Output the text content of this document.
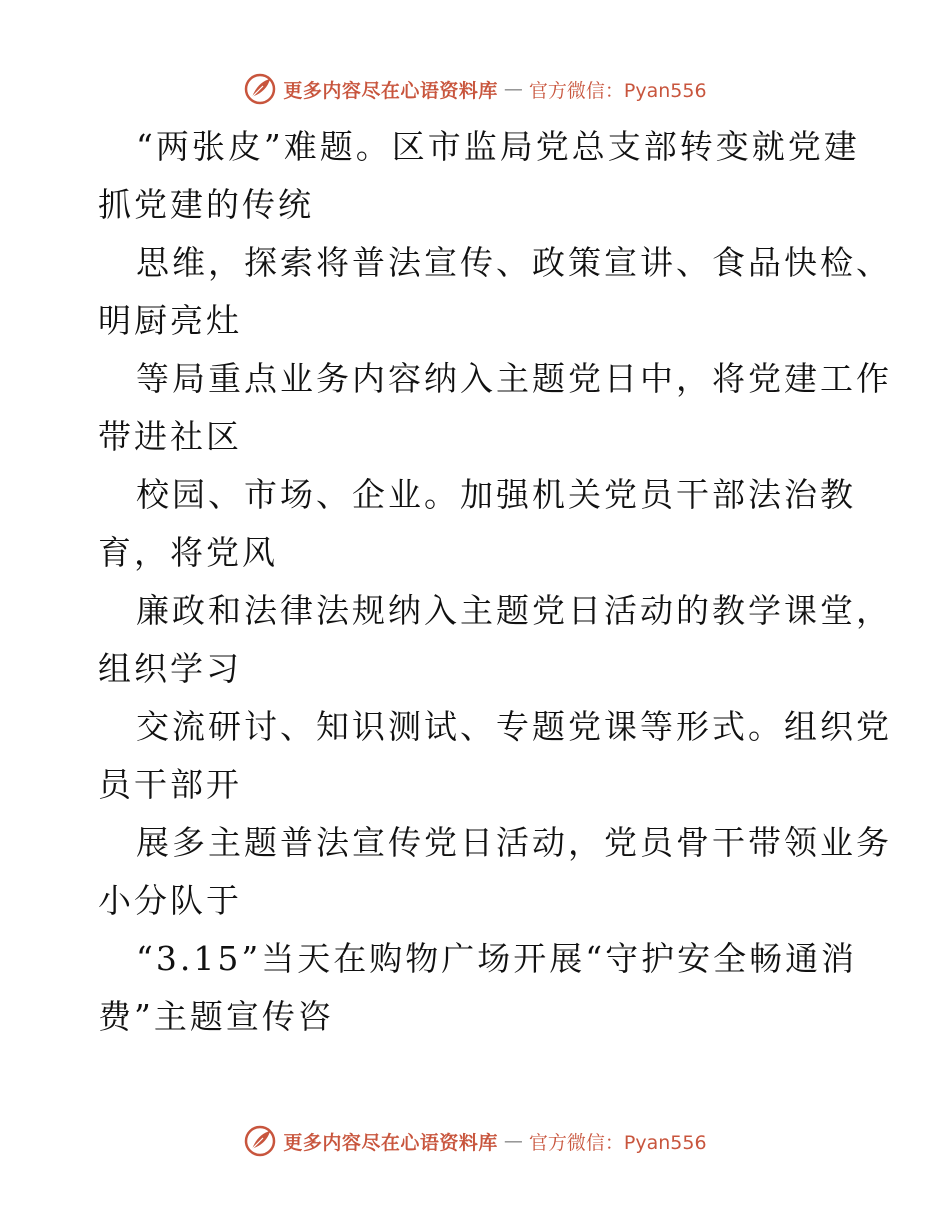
更多内容尽在心语资料库 — 官方微信：Pyan556
“两张皮”难题。区市监局党总支部转变就党建
抓党建的传统
思维，探索将普法宣传、政策宣讲、食品快检、
明厨亮灶
等局重点业务内容纳入主题党日中，将党建工作
带进社区
校园、市场、企业。加强机关党员干部法治教
育，将党风
廉政和法律法规纳入主题党日活动的教学课堂，
组织学习
交流研讨、知识测试、专题党课等形式。组织党
员干部开
展多主题普法宣传党日活动，党员骨干带领业务
小分队于
“3.15”当天在购物广场开展“守护安全畅通消
费”主题宣传咨
更多内容尽在心语资料库 — 官方微信：Pyan556
